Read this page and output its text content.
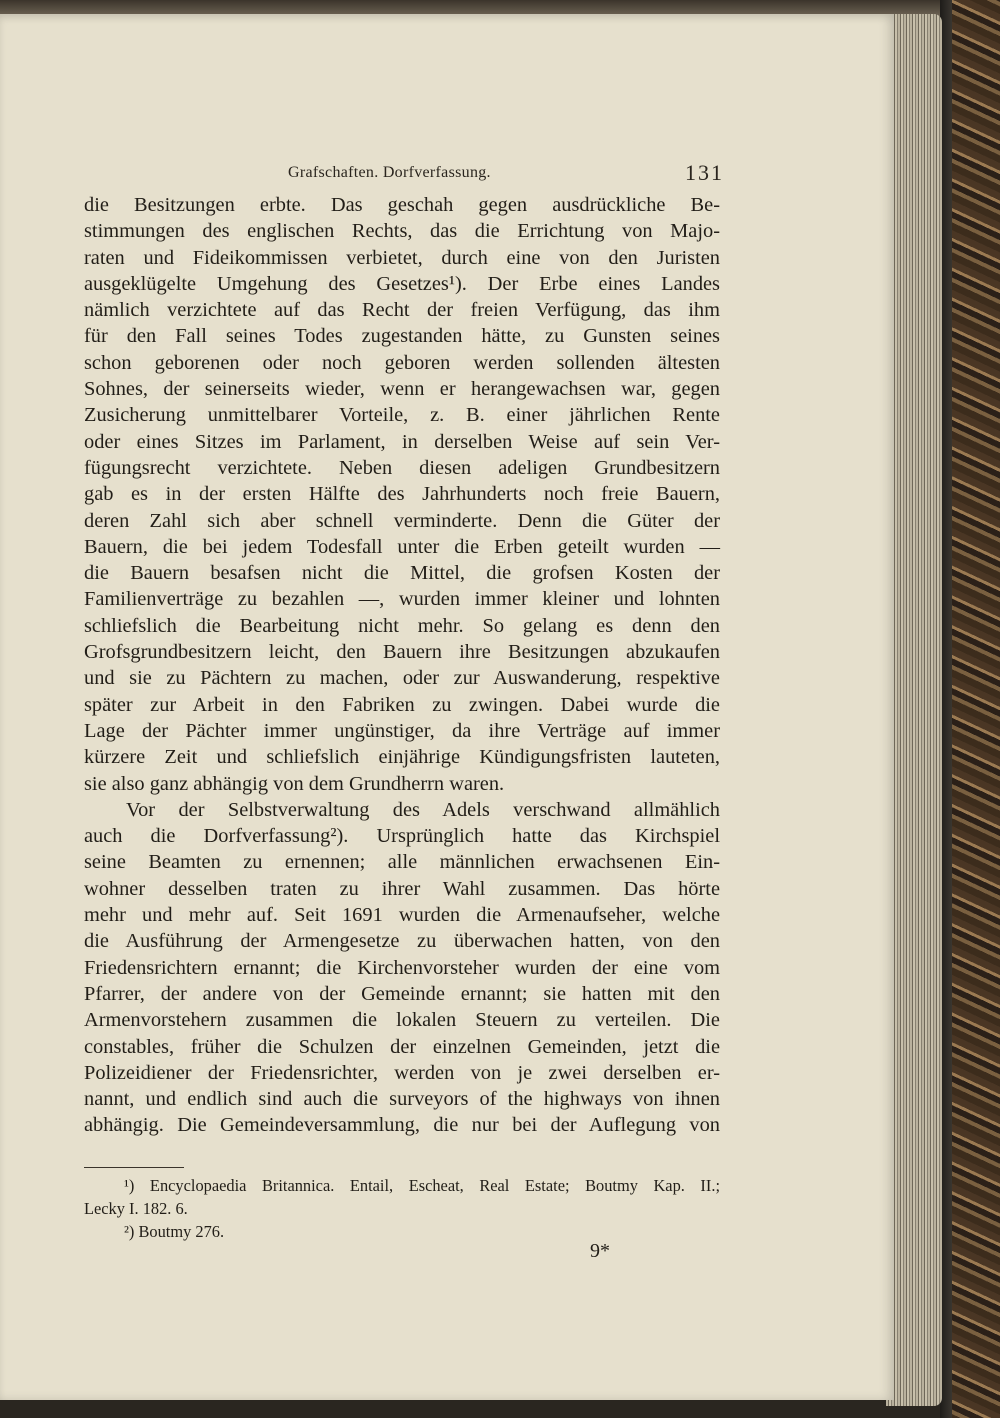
Grafschaften. Dorfverfassung.	131
die Besitzungen erbte. Das geschah gegen ausdrückliche Be-
stimmungen des englischen Rechts, das die Errichtung von Majo-
raten und Fideikommissen verbietet, durch eine von den Juristen
ausgeklügelte Umgehung des Gesetzes¹). Der Erbe eines Landes
nämlich verzichtete auf das Recht der freien Verfügung, das ihm
für den Fall seines Todes zugestanden hätte, zu Gunsten seines
schon geborenen oder noch geboren werden sollenden ältesten
Sohnes, der seinerseits wieder, wenn er herangewachsen war, gegen
Zusicherung unmittelbarer Vorteile, z. B. einer jährlichen Rente
oder eines Sitzes im Parlament, in derselben Weise auf sein Ver-
fügungsrecht verzichtete. Neben diesen adeligen Grundbesitzern
gab es in der ersten Hälfte des Jahrhunderts noch freie Bauern,
deren Zahl sich aber schnell verminderte. Denn die Güter der
Bauern, die bei jedem Todesfall unter die Erben geteilt wurden —
die Bauern besafsen nicht die Mittel, die grofsen Kosten der
Familienverträge zu bezahlen —, wurden immer kleiner und lohnten
schliefslich die Bearbeitung nicht mehr. So gelang es denn den
Grofsgrundbesitzern leicht, den Bauern ihre Besitzungen abzukaufen
und sie zu Pächtern zu machen, oder zur Auswanderung, respektive
später zur Arbeit in den Fabriken zu zwingen. Dabei wurde die
Lage der Pächter immer ungünstiger, da ihre Verträge auf immer
kürzere Zeit und schliefslich einjährige Kündigungsfristen lauteten,
sie also ganz abhängig von dem Grundherrn waren.
Vor der Selbstverwaltung des Adels verschwand allmählich
auch die Dorfverfassung²). Ursprünglich hatte das Kirchspiel
seine Beamten zu ernennen; alle männlichen erwachsenen Ein-
wohner desselben traten zu ihrer Wahl zusammen. Das hörte
mehr und mehr auf. Seit 1691 wurden die Armenaufseher, welche
die Ausführung der Armengesetze zu überwachen hatten, von den
Friedensrichtern ernannt; die Kirchenvorsteher wurden der eine vom
Pfarrer, der andere von der Gemeinde ernannt; sie hatten mit den
Armenvorstehern zusammen die lokalen Steuern zu verteilen. Die
constables, früher die Schulzen der einzelnen Gemeinden, jetzt die
Polizeidiener der Friedensrichter, werden von je zwei derselben er-
nannt, und endlich sind auch die surveyors of the highways von ihnen
abhängig. Die Gemeindeversammlung, die nur bei der Auflegung von
¹) Encyclopaedia Britannica. Entail, Escheat, Real Estate; Boutmy Kap. II.;
Lecky I. 182. 6.
²) Boutmy 276.
9*
